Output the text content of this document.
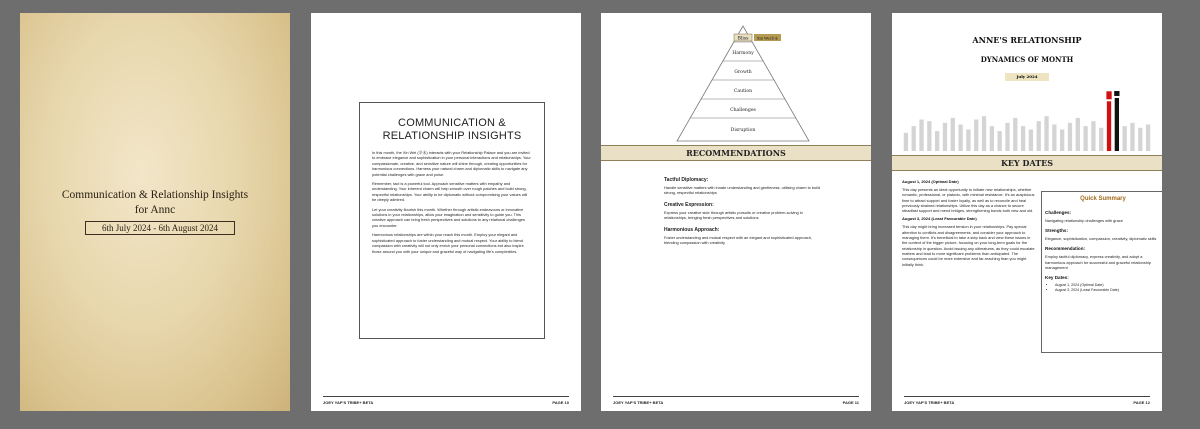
Communication & Relationship Insights
for Annc
6th July 2024 - 6th August 2024
COMMUNICATION &
RELATIONSHIP INSIGHTS

In this month, the Xin Wei (辛未) interacts with your Relationship Palace and you are invited to embrace elegance and sophistication in your personal interactions and relationships. Your compassionate, creative, and sensitive nature will shine through, creating opportunities for harmonious connections. Harness your natural charm and diplomatic skills to navigate any potential challenges with grace and poise.

Remember, tact is a powerful tool. Approach sensitive matters with empathy and understanding. Your inherent charm will help smooth over rough patches and build strong, respectful relationships. Your ability to be diplomatic without compromising your values will be deeply admired.

Let your creativity flourish this month. Whether through artistic endeavours or innovative solutions in your relationships, allow your imagination and sensitivity to guide you. This creative approach can bring fresh perspectives and solutions to any relational challenges you encounter.

Harmonious relationships are within your reach this month. Employ your elegant and sophisticated approach to foster understanding and mutual respect. Your ability to blend compassion with creativity will not only enrich your personal connections but also inspire those around you with your unique and graceful way of navigating life's complexities.

JOEY YAP'S TRIBE+ BETA	PAGE 10
Bliss Xin Wei辛未
Harmony
Growth
Caution
Challenges
Disruption
RECOMMENDATIONS
Tactful Diplomacy:

Handle sensitive matters with innate understanding and gentleness, utilising charm to build strong, respectful relationships

Creative Expression:

Express your creative side through artistic pursuits or creative problem-solving in relationships, bringing fresh perspectives and solutions

Harmonious Approach:

Foster understanding and mutual respect with an elegant and sophisticated approach, blending compassion with creativity

JOEY YAP'S TRIBE+ BETA	PAGE 11
ANNE'S RELATIONSHIP
DYNAMICS OF MONTH
July 2024
KEY DATES
August 1, 2024 (Optimal Date)

This day presents an ideal opportunity to initiate new relationships, whether romantic, professional, or platonic, with minimal resistance. It's an auspicious time to attract support and foster loyalty, as well as to reconcile and heal previously strained relationships. Utilize this day as a chance to secure steadfast support and mend bridges, strengthening bonds both new and old.

August 3, 2024 (Least Favourable Date)

This day might bring increased tension in your relationships. Pay special attention to conflicts and disagreements, and consider your approach to managing them. It's beneficial to take a step back and view these issues in the context of the bigger picture, focusing on your long-term goals for the relationship in question. Avoid issuing any ultimatums, as they could escalate matters and lead to more significant problems than anticipated. The consequences could be more extensive and far-reaching than you might initially think.

Quick Summary
Challenges:

Navigating relationship challenges with grace

Strengths:

Elegance, sophistication, compassion, creativity, diplomatic skills

Recommendation:

Employ tactful diplomacy, express creativity, and adopt a harmonious approach for successful and graceful relationship management

Key Dates:
• August 1, 2024 (Optimal Date)
• August 3, 2024 (Least Favourable Date)
JOEY YAP'S TRIBE+ BETA	PAGE 12
